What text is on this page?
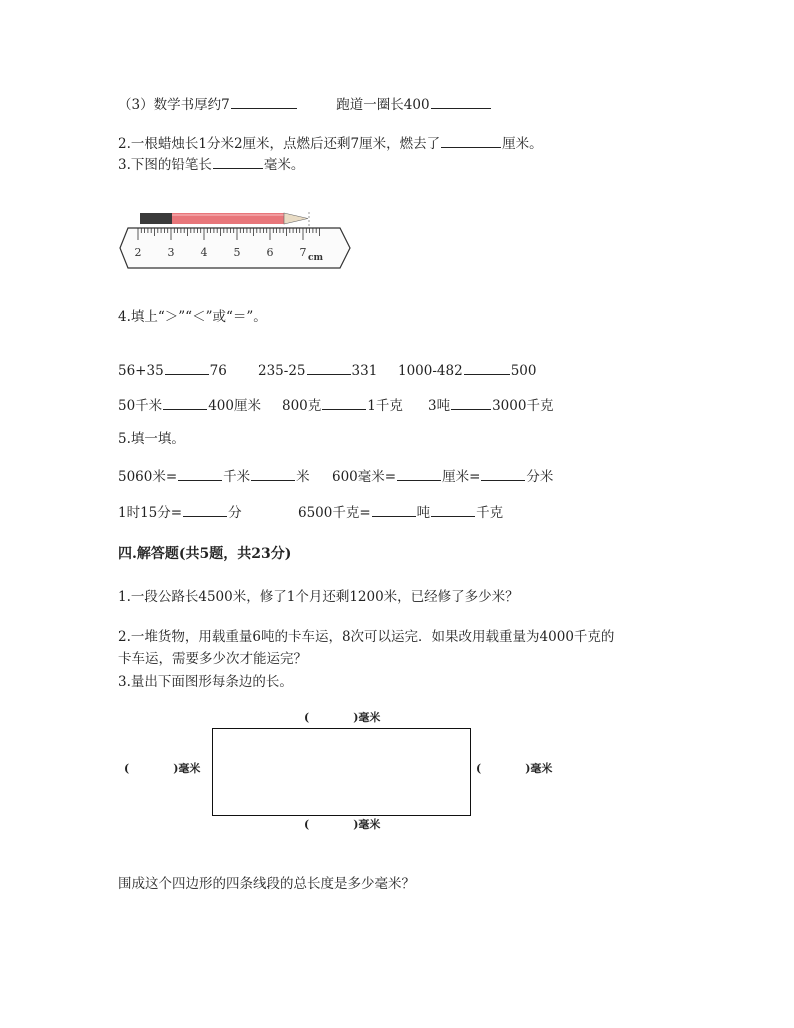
（3）数学书厚约7	跑道一圈长400
2.一根蜡烛长1分米2厘米，点燃后还剩7厘米，燃去了	厘米。
3.下图的铅笔长	毫米。
2 3 4 5 6 7 cm
4.填上“＞”“＜”或“＝”。
56+35	76 235-25	331 1000-482	500
50千米	400厘米 800克	1千克 3吨	3000千克
5.填一填。
5060米=	千米	米 600毫米=	厘米=	分米
1时15分=	分	6500千克=	吨	千克
四.解答题(共5题，共23分)
1.一段公路长4500米，修了1个月还剩1200米，已经修了多少米？
2.一堆货物，用载重量6吨的卡车运，8次可以运完．如果改用载重量为4000千克的
卡车运，需要多少次才能运完？
3.量出下面图形每条边的长。
(	)毫米
(	)毫米	(	)毫米
(	)毫米
围成这个四边形的四条线段的总长度是多少毫米？
